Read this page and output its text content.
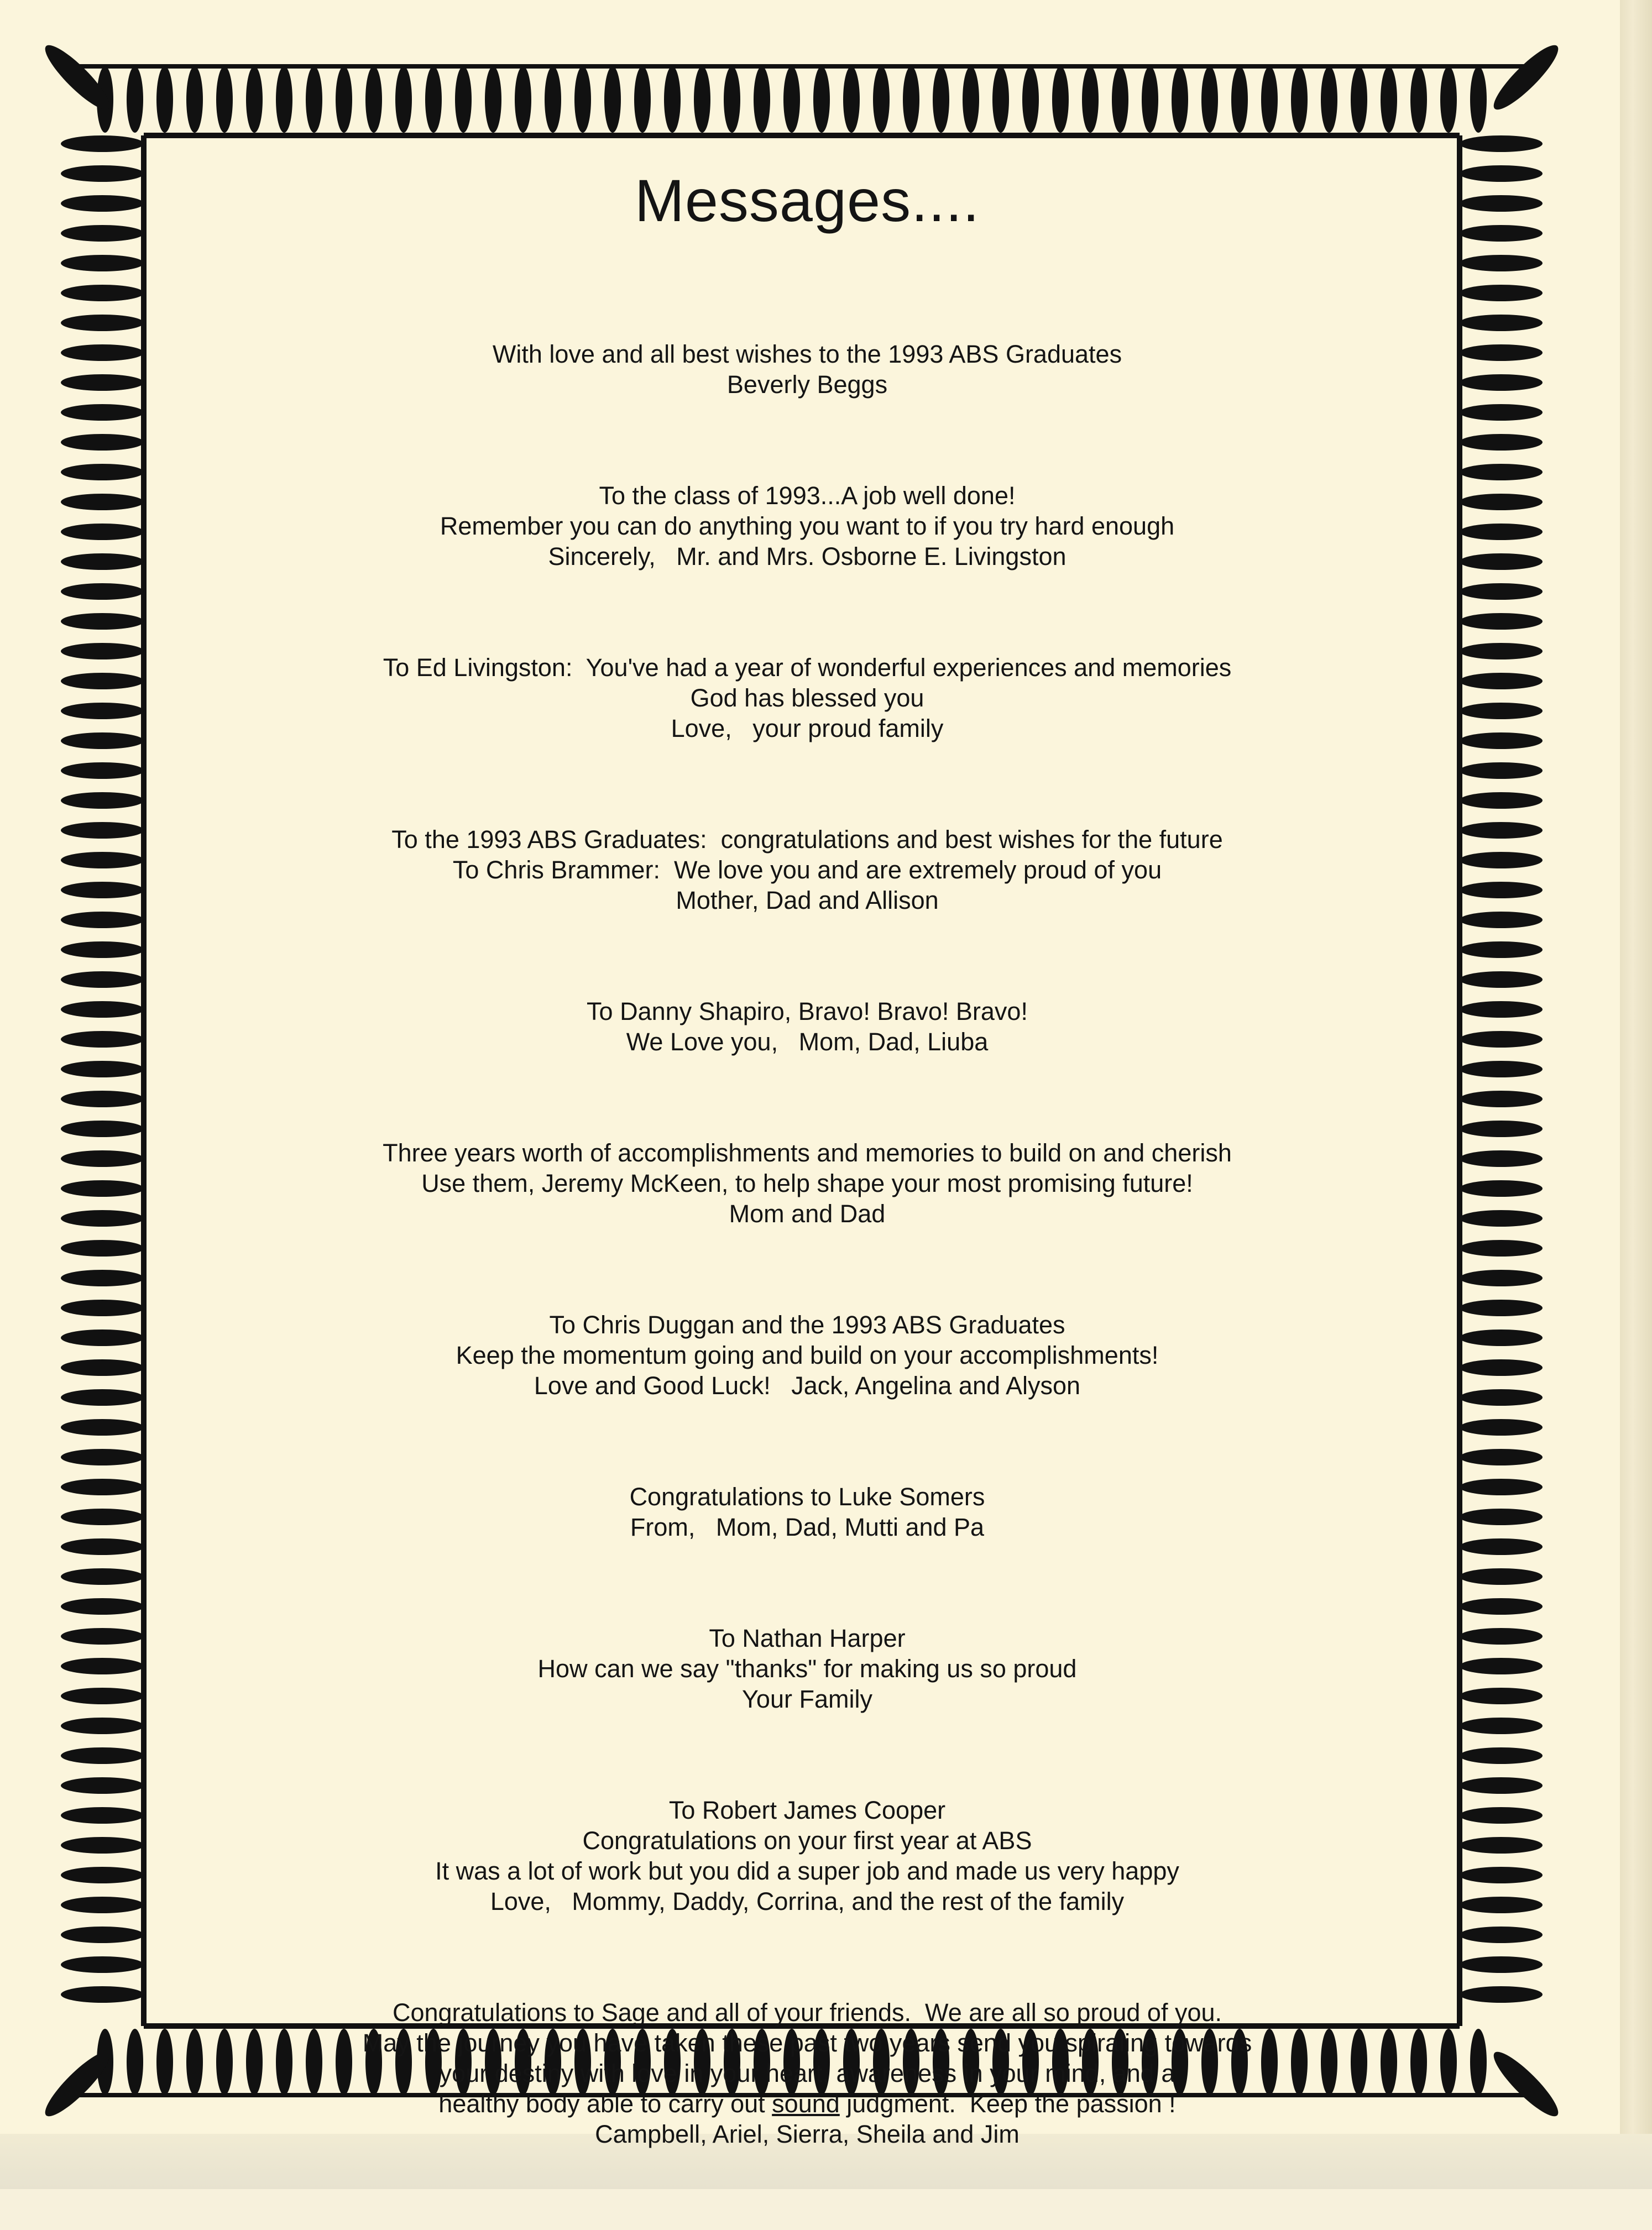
Messages....
With love and all best wishes to the 1993 ABS Graduates
Beverly Beggs
To the class of 1993...A job well done!
Remember you can do anything you want to if you try hard enough
Sincerely,   Mr. and Mrs. Osborne E. Livingston
To Ed Livingston:  You've had a year of wonderful experiences and memories
God has blessed you
Love,   your proud family
To the 1993 ABS Graduates:  congratulations and best wishes for the future
To Chris Brammer:  We love you and are extremely proud of you
Mother, Dad and Allison
To Danny Shapiro, Bravo! Bravo! Bravo!
We Love you,   Mom, Dad, Liuba
Three years worth of accomplishments and memories to build on and cherish
Use them, Jeremy McKeen, to help shape your most promising future!
Mom and Dad
To Chris Duggan and the 1993 ABS Graduates
Keep the momentum going and build on your accomplishments!
Love and Good Luck!   Jack, Angelina and Alyson
Congratulations to Luke Somers
From,   Mom, Dad, Mutti and Pa
To Nathan Harper
How can we say "thanks" for making us so proud
Your Family
To Robert James Cooper
Congratulations on your first year at ABS
It was a lot of work but you did a super job and made us very happy
Love,   Mommy, Daddy, Corrina, and the rest of the family
Congratulations to Sage and all of your friends.  We are all so proud of you.
May the journey you have taken these past two years send you spiraling towards
your destiny with love in your heart, awareness in your mind, and a
healthy body able to carry out sound judgment.  Keep the passion !
Campbell, Ariel, Sierra, Sheila and Jim
